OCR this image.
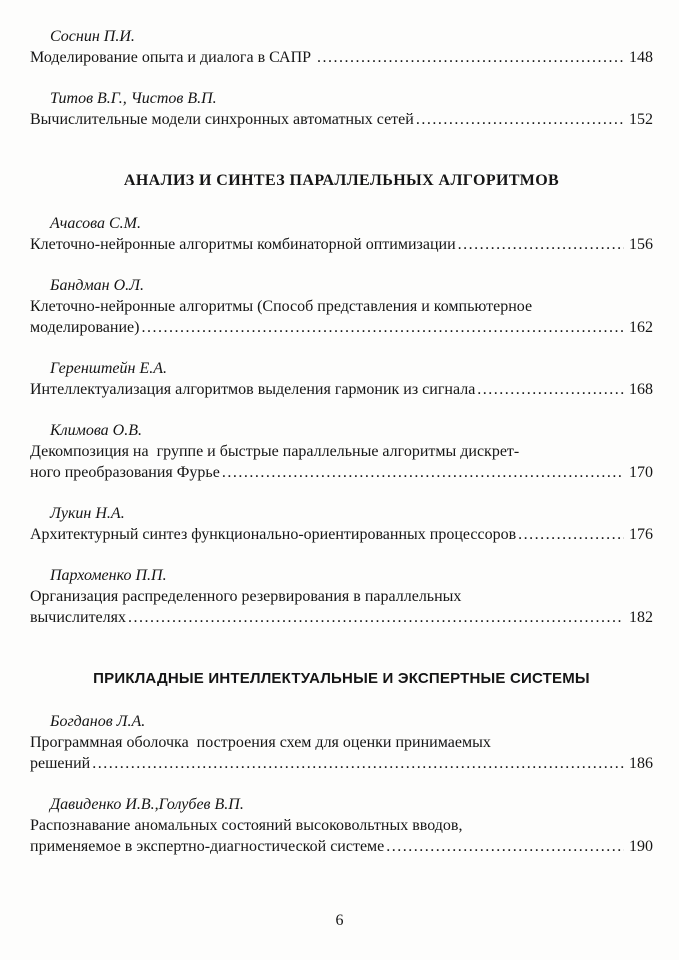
Соснин П.И.
Моделирование опыта и диалога в САПР .....	148
Титов В.Г., Чистов В.П.
Вычислительные модели синхронных автоматных сетей .....	152
АНАЛИЗ И СИНТЕЗ ПАРАЛЛЕЛЬНЫХ АЛГОРИТМОВ
Ачасова С.М.
Клеточно-нейронные алгоритмы комбинаторной оптимизации .....	156
Бандман О.Л.
Клеточно-нейронные алгоритмы (Способ представления и компьютерное
моделирование) .....	162
Геренштейн Е.А.
Интеллектуализация алгоритмов выделения гармоник из сигнала .....	168
Климова О.В.
Декомпозиция на  группе и быстрые параллельные алгоритмы дискрет-
ного преобразования Фурье .....	170
Лукин Н.А.
Архитектурный синтез функционально-ориентированных процессоров .....	176
Пархоменко П.П.
Организация распределенного резервирования в параллельных
вычислителях .....	182
ПРИКЛАДНЫЕ ИНТЕЛЛЕКТУАЛЬНЫЕ И ЭКСПЕРТНЫЕ СИСТЕМЫ
Богданов Л.А.
Программная оболочка  построения схем для оценки принимаемых
решений .....	186
Давиденко И.В.,Голубев В.П.
Распознавание аномальных состояний высоковольтных вводов,
применяемое в экспертно-диагностической системе .....	190
6
